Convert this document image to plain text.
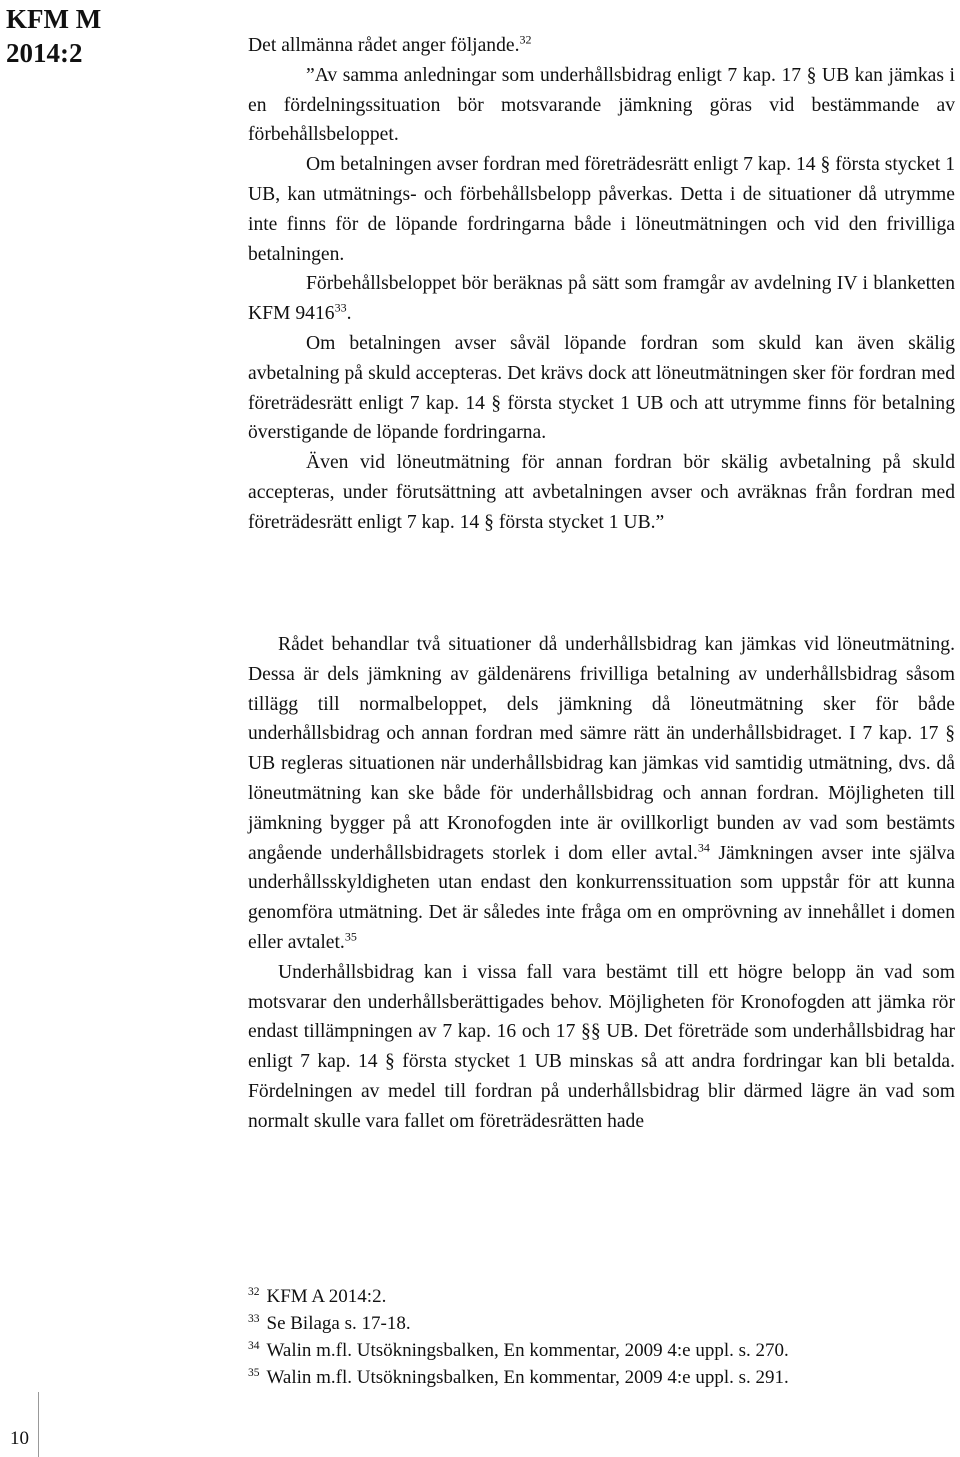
KFM M
2014:2	Det allmänna rådet anger följande.$^{32}$

”Av samma anledningar som underhållsbidrag enligt 7 kap. 17 § UB kan jämkas i en fördelningssituation bör motsvarande jämkning göras vid bestämmande av förbehållsbeloppet.

Om betalningen avser fordran med företrädesrätt enligt 7 kap. 14 § första stycket 1 UB, kan utmätnings- och förbehållsbelopp påverkas. Detta i de situationer då utrymme inte finns för de löpande fordringarna både i löneutmätningen och vid den frivilliga betalningen.

Förbehållsbeloppet bör beräknas på sätt som framgår av avdelning IV i blanketten KFM 9416$^{33}$.

Om betalningen avser såväl löpande fordran som skuld kan även skälig avbetalning på skuld accepteras. Det krävs dock att löneutmätningen sker för fordran med företrädesrätt enligt 7 kap. 14 § första stycket 1 UB och att utrymme finns för betalning överstigande de löpande fordringarna.

Även vid löneutmätning för annan fordran bör skälig avbetalning på skuld accepteras, under förutsättning att avbetalningen avser och avräknas från fordran med företrädesrätt enligt 7 kap. 14 § första stycket 1 UB.”

Rådet behandlar två situationer då underhållsbidrag kan jämkas vid löneutmätning. Dessa är dels jämkning av gäldenärens frivilliga betalning av underhållsbidrag såsom tillägg till normalbeloppet, dels jämkning då löneutmätning sker för både underhållsbidrag och annan fordran med sämre rätt än underhållsbidraget. I 7 kap. 17 § UB regleras situationen när underhållsbidrag kan jämkas vid samtidig utmätning, dvs. då löneutmätning kan ske både för underhållsbidrag och annan fordran. Möjligheten till jämkning bygger på att Kronofogden inte är ovillkorligt bunden av vad som bestämts angående underhållsbidragets storlek i dom eller avtal.$^{34}$ Jämkningen avser inte själva underhållsskyldigheten utan endast den konkurrenssituation som uppstår för att kunna genomföra utmätning. Det är således inte fråga om en omprövning av innehållet i domen eller avtalet.$^{35}$

Underhållsbidrag kan i vissa fall vara bestämt till ett högre belopp än vad som motsvarar den underhållsberättigades behov. Möjligheten för Kronofogden att jämka rör endast tillämpningen av 7 kap. 16 och 17 §§ UB. Det företräde som underhållsbidrag har enligt 7 kap. 14 § första stycket 1 UB minskas så att andra fordringar kan bli betalda. Fördelningen av medel till fordran på underhållsbidrag blir därmed lägre än vad som normalt skulle vara fallet om företrädesrätten hade

$^{32}$ KFM A 2014:2.
$^{33}$ Se Bilaga s. 17-18.
$^{34}$ Walin m.fl. Utsökningsbalken, En kommentar, 2009 4:e uppl. s. 270.
$^{35}$ Walin m.fl. Utsökningsbalken, En kommentar, 2009 4:e uppl. s. 291.
10
